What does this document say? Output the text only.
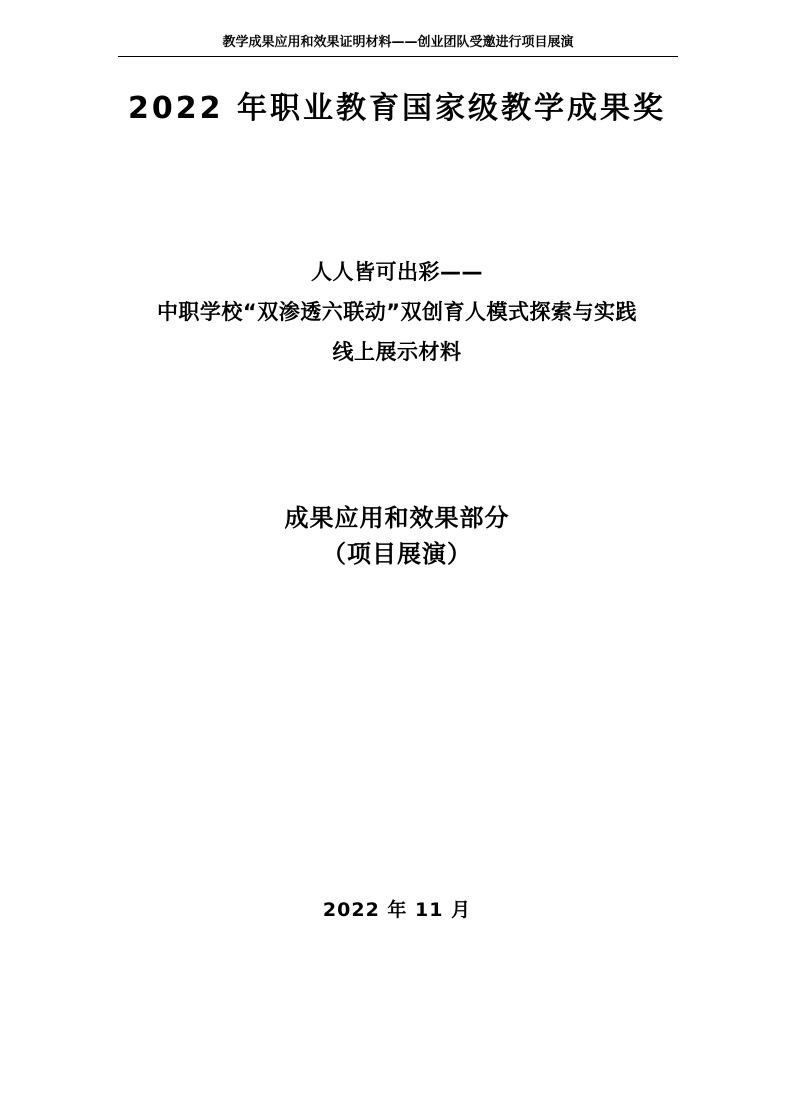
教学成果应用和效果证明材料——创业团队受邀进行项目展演
2022 年职业教育国家级教学成果奖
人人皆可出彩——
中职学校“双渗透六联动”双创育人模式探索与实践
线上展示材料
成果应用和效果部分
（项目展演）
2022 年 11 月
